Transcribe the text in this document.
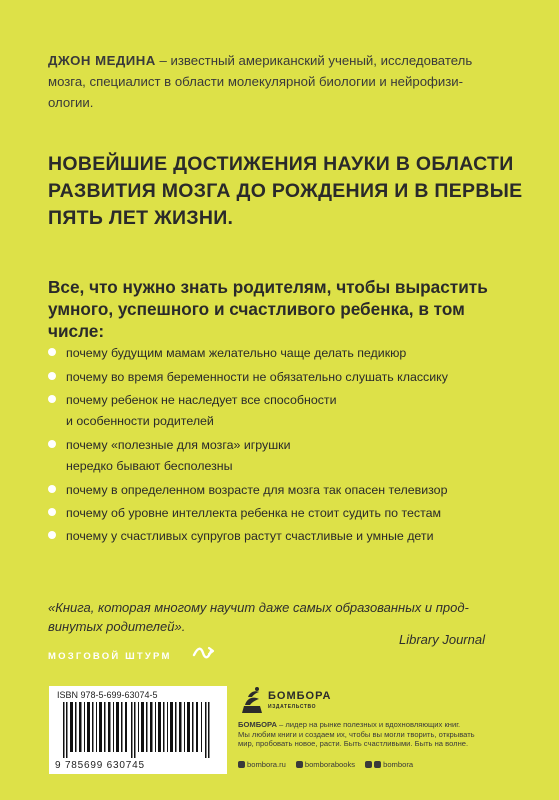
ДЖОН МЕДИНА – известный американский ученый, исследователь
мозга, специалист в области молекулярной биологии и нейрофизи-
ологии.
НОВЕЙШИЕ ДОСТИЖЕНИЯ НАУКИ В ОБЛАСТИ
РАЗВИТИЯ МОЗГА ДО РОЖДЕНИЯ И В ПЕРВЫЕ
ПЯТЬ ЛЕТ ЖИЗНИ.
Все, что нужно знать родителям, чтобы вырастить
умного, успешного и счастливого ребенка, в том
числе:
почему будущим мамам желательно чаще делать педикюр
почему во время беременности не обязательно слушать классику
почему ребенок не наследует все способности
и особенности родителей
почему «полезные для мозга» игрушки
нередко бывают бесполезны
почему в определенном возрасте для мозга так опасен телевизор
почему об уровне интеллекта ребенка не стоит судить по тестам
почему у счастливых супругов растут счастливые и умные дети
«Книга, которая многому научит даже самых образованных и прод-
винутых родителей».
Library Journal
МОЗГОВОЙ ШТУРМ
ISBN 978-5-699-63074-5
9 785699 630745
БОМБОРА
ИЗДАТЕЛЬСТВО
БОМБОРА – лидер на рынке полезных и вдохновляющих книг.
Мы любим книги и создаем их, чтобы вы могли творить, открывать
мир, пробовать новое, расти. Быть счастливыми. Быть на волне.
bombora.ru	bomborabooks	bombora
